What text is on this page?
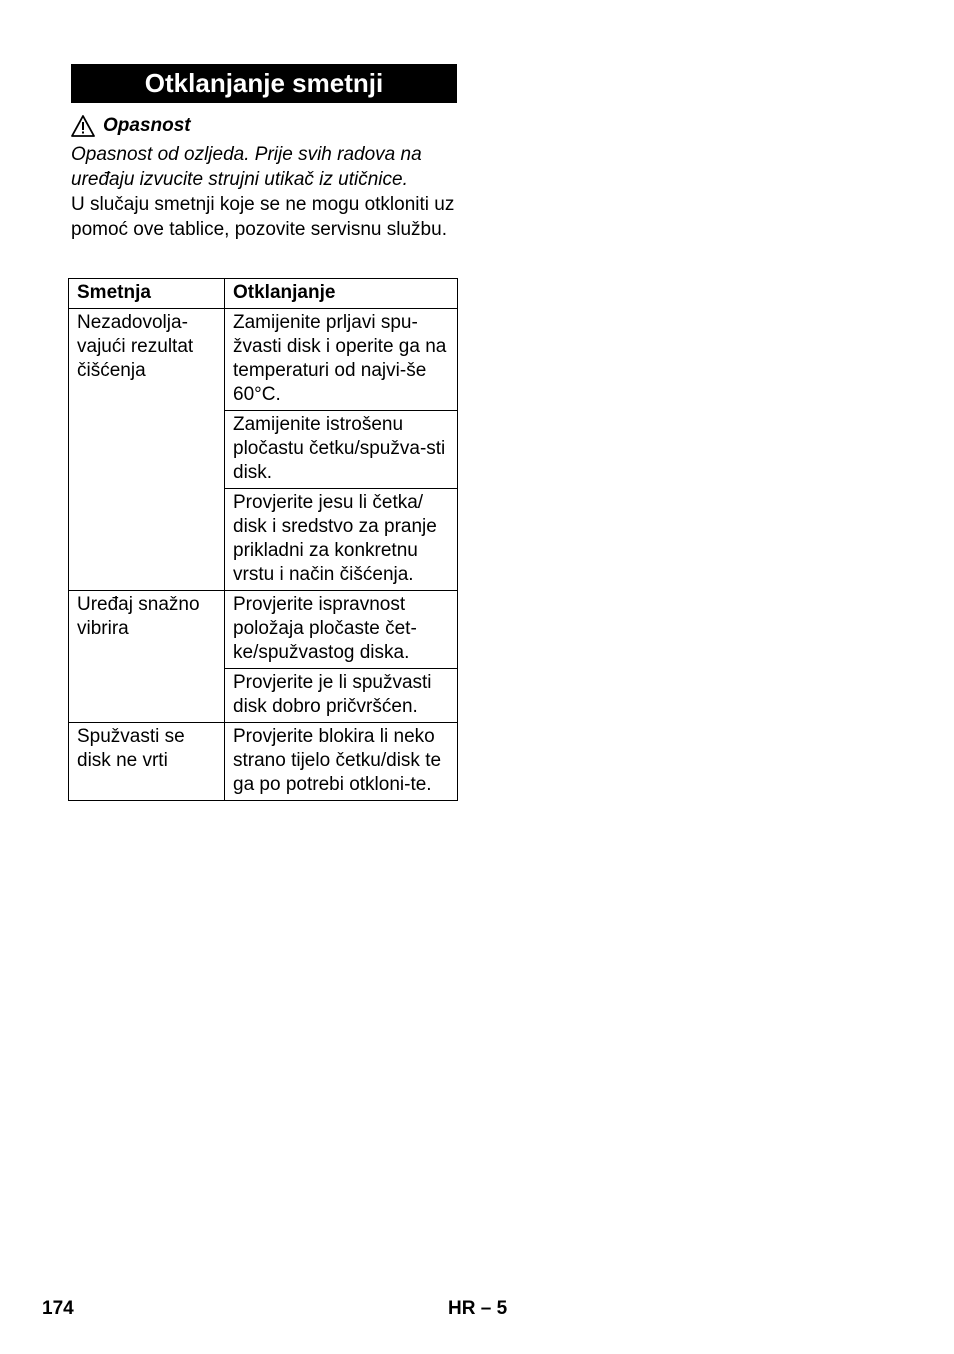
Otklanjanje smetnji
Opasnost
Opasnost od ozljeda. Prije svih radova na uređaju izvucite strujni utikač iz utičnice.

U slučaju smetnji koje se ne mogu otkloniti uz pomoć ove tablice, pozovite servisnu službu.

Smetnja	Otklanjanje
Nezadovolja-vajući rezultat čišćenja	Zamijenite prljavi spu-žvasti disk i operite ga na temperaturi od najvi-še 60°C.
	Zamijenite istrošenu pločastu četku/spužva-sti disk.
	Provjerite jesu li četka/ disk i sredstvo za pranje prikladni za konkretnu vrstu i način čišćenja.
Uređaj snažno vibrira	Provjerite ispravnost položaja pločaste čet-ke/spužvastog diska.
	Provjerite je li spužvasti disk dobro pričvršćen.
Spužvasti se disk ne vrti	Provjerite blokira li neko strano tijelo četku/disk te ga po potrebi otkloni-te.
174	HR – 5
